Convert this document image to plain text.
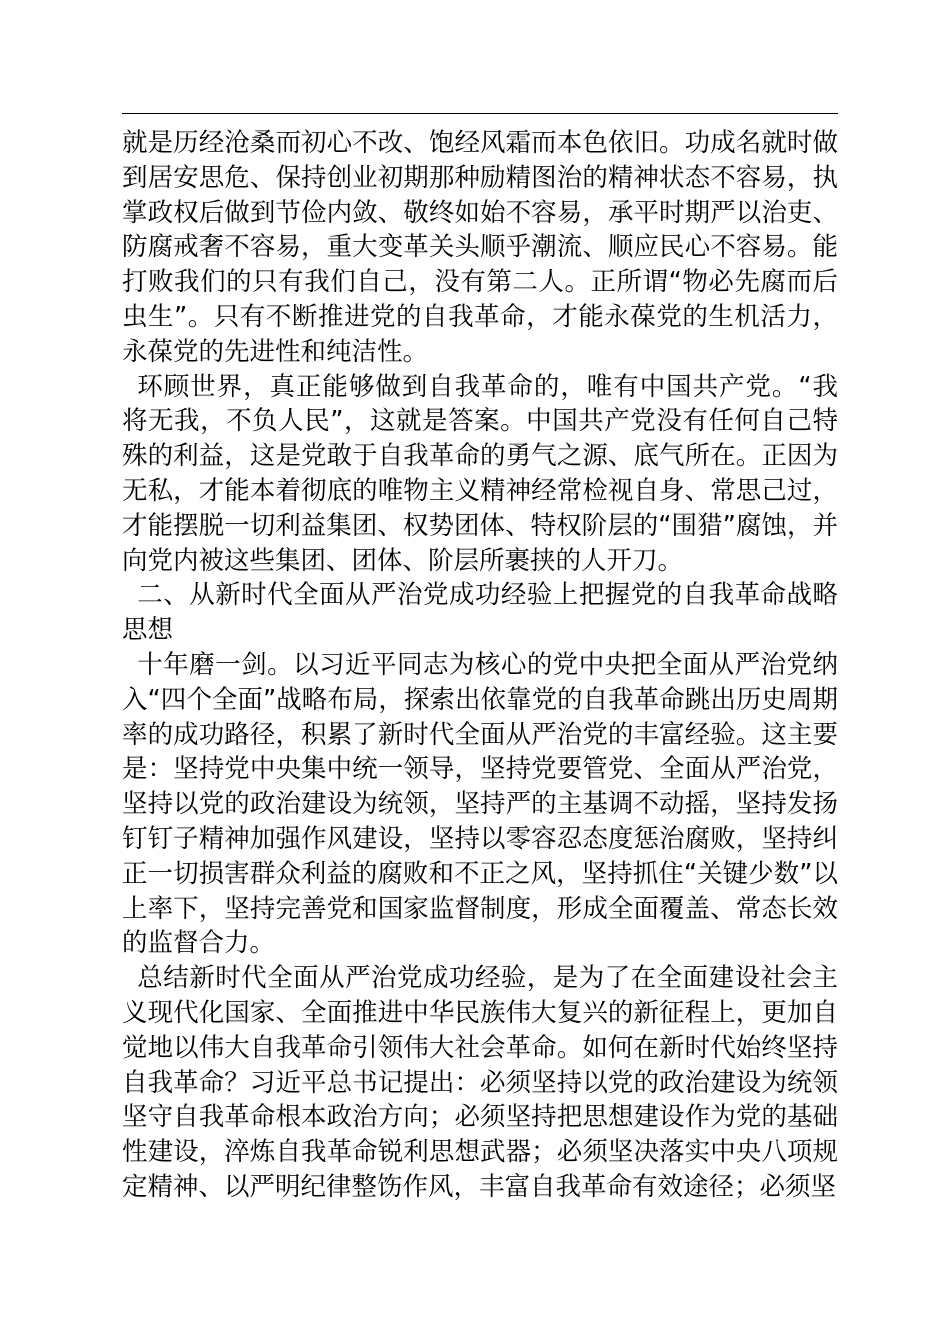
就是历经沧桑而初心不改、饱经风霜而本色依旧。功成名就时做到居安思危、保持创业初期那种励精图治的精神状态不容易，执掌政权后做到节俭内敛、敬终如始不容易，承平时期严以治吏、防腐戒奢不容易，重大变革关头顺乎潮流、顺应民心不容易。能打败我们的只有我们自己，没有第二人。正所谓“物必先腐而后虫生”。只有不断推进党的自我革命，才能永葆党的生机活力，永葆党的先进性和纯洁性。

环顾世界，真正能够做到自我革命的，唯有中国共产党。“我将无我，不负人民”，这就是答案。中国共产党没有任何自己特殊的利益，这是党敢于自我革命的勇气之源、底气所在。正因为无私，才能本着彻底的唯物主义精神经常检视自身、常思己过，才能摆脱一切利益集团、权势团体、特权阶层的“围猎”腐蚀，并向党内被这些集团、团体、阶层所裹挟的人开刀。

二、从新时代全面从严治党成功经验上把握党的自我革命战略思想

十年磨一剑。以习近平同志为核心的党中央把全面从严治党纳入“四个全面”战略布局，探索出依靠党的自我革命跳出历史周期率的成功路径，积累了新时代全面从严治党的丰富经验。这主要是：坚持党中央集中统一领导，坚持党要管党、全面从严治党，坚持以党的政治建设为统领，坚持严的主基调不动摇，坚持发扬钉钉子精神加强作风建设，坚持以零容忍态度惩治腐败，坚持纠正一切损害群众利益的腐败和不正之风，坚持抓住“关键少数”以上率下，坚持完善党和国家监督制度，形成全面覆盖、常态长效的监督合力。

总结新时代全面从严治党成功经验，是为了在全面建设社会主义现代化国家、全面推进中华民族伟大复兴的新征程上，更加自觉地以伟大自我革命引领伟大社会革命。如何在新时代始终坚持自我革命？习近平总书记提出：必须坚持以党的政治建设为统领坚守自我革命根本政治方向；必须坚持把思想建设作为党的基础性建设，淬炼自我革命锐利思想武器；必须坚决落实中央八项规定精神、以严明纪律整饬作风，丰富自我革命有效途径；必须坚
